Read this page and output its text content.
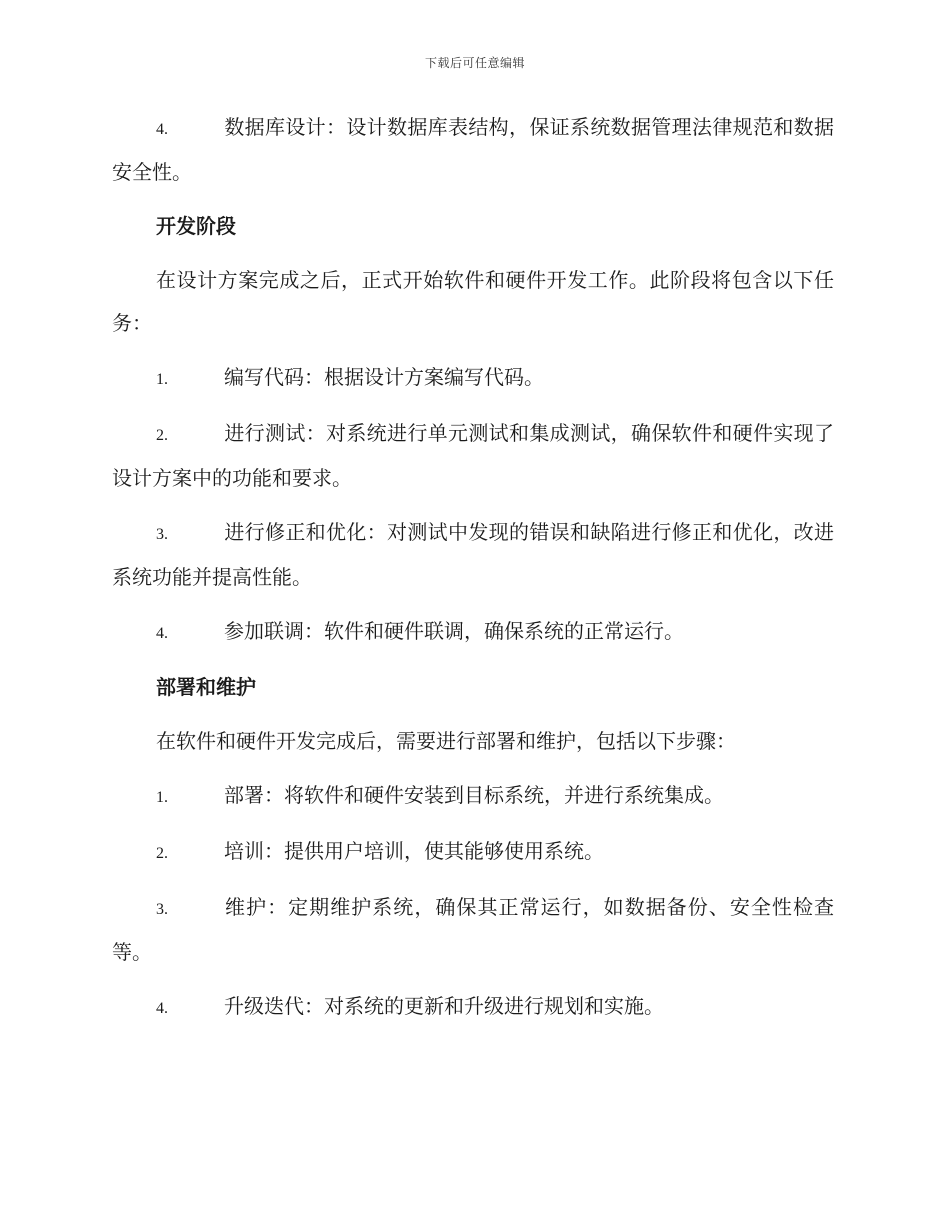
下载后可任意编辑
4.	数据库设计：设计数据库表结构，保证系统数据管理法律规范和数据安全性。
开发阶段
在设计方案完成之后，正式开始软件和硬件开发工作。此阶段将包含以下任务：
1.	编写代码：根据设计方案编写代码。
2.	进行测试：对系统进行单元测试和集成测试，确保软件和硬件实现了设计方案中的功能和要求。
3.	进行修正和优化：对测试中发现的错误和缺陷进行修正和优化，改进系统功能并提高性能。
4.	参加联调：软件和硬件联调，确保系统的正常运行。
部署和维护
在软件和硬件开发完成后，需要进行部署和维护，包括以下步骤：
1.	部署：将软件和硬件安装到目标系统，并进行系统集成。
2.	培训：提供用户培训，使其能够使用系统。
3.	维护：定期维护系统，确保其正常运行，如数据备份、安全性检查等。
4.	升级迭代：对系统的更新和升级进行规划和实施。
